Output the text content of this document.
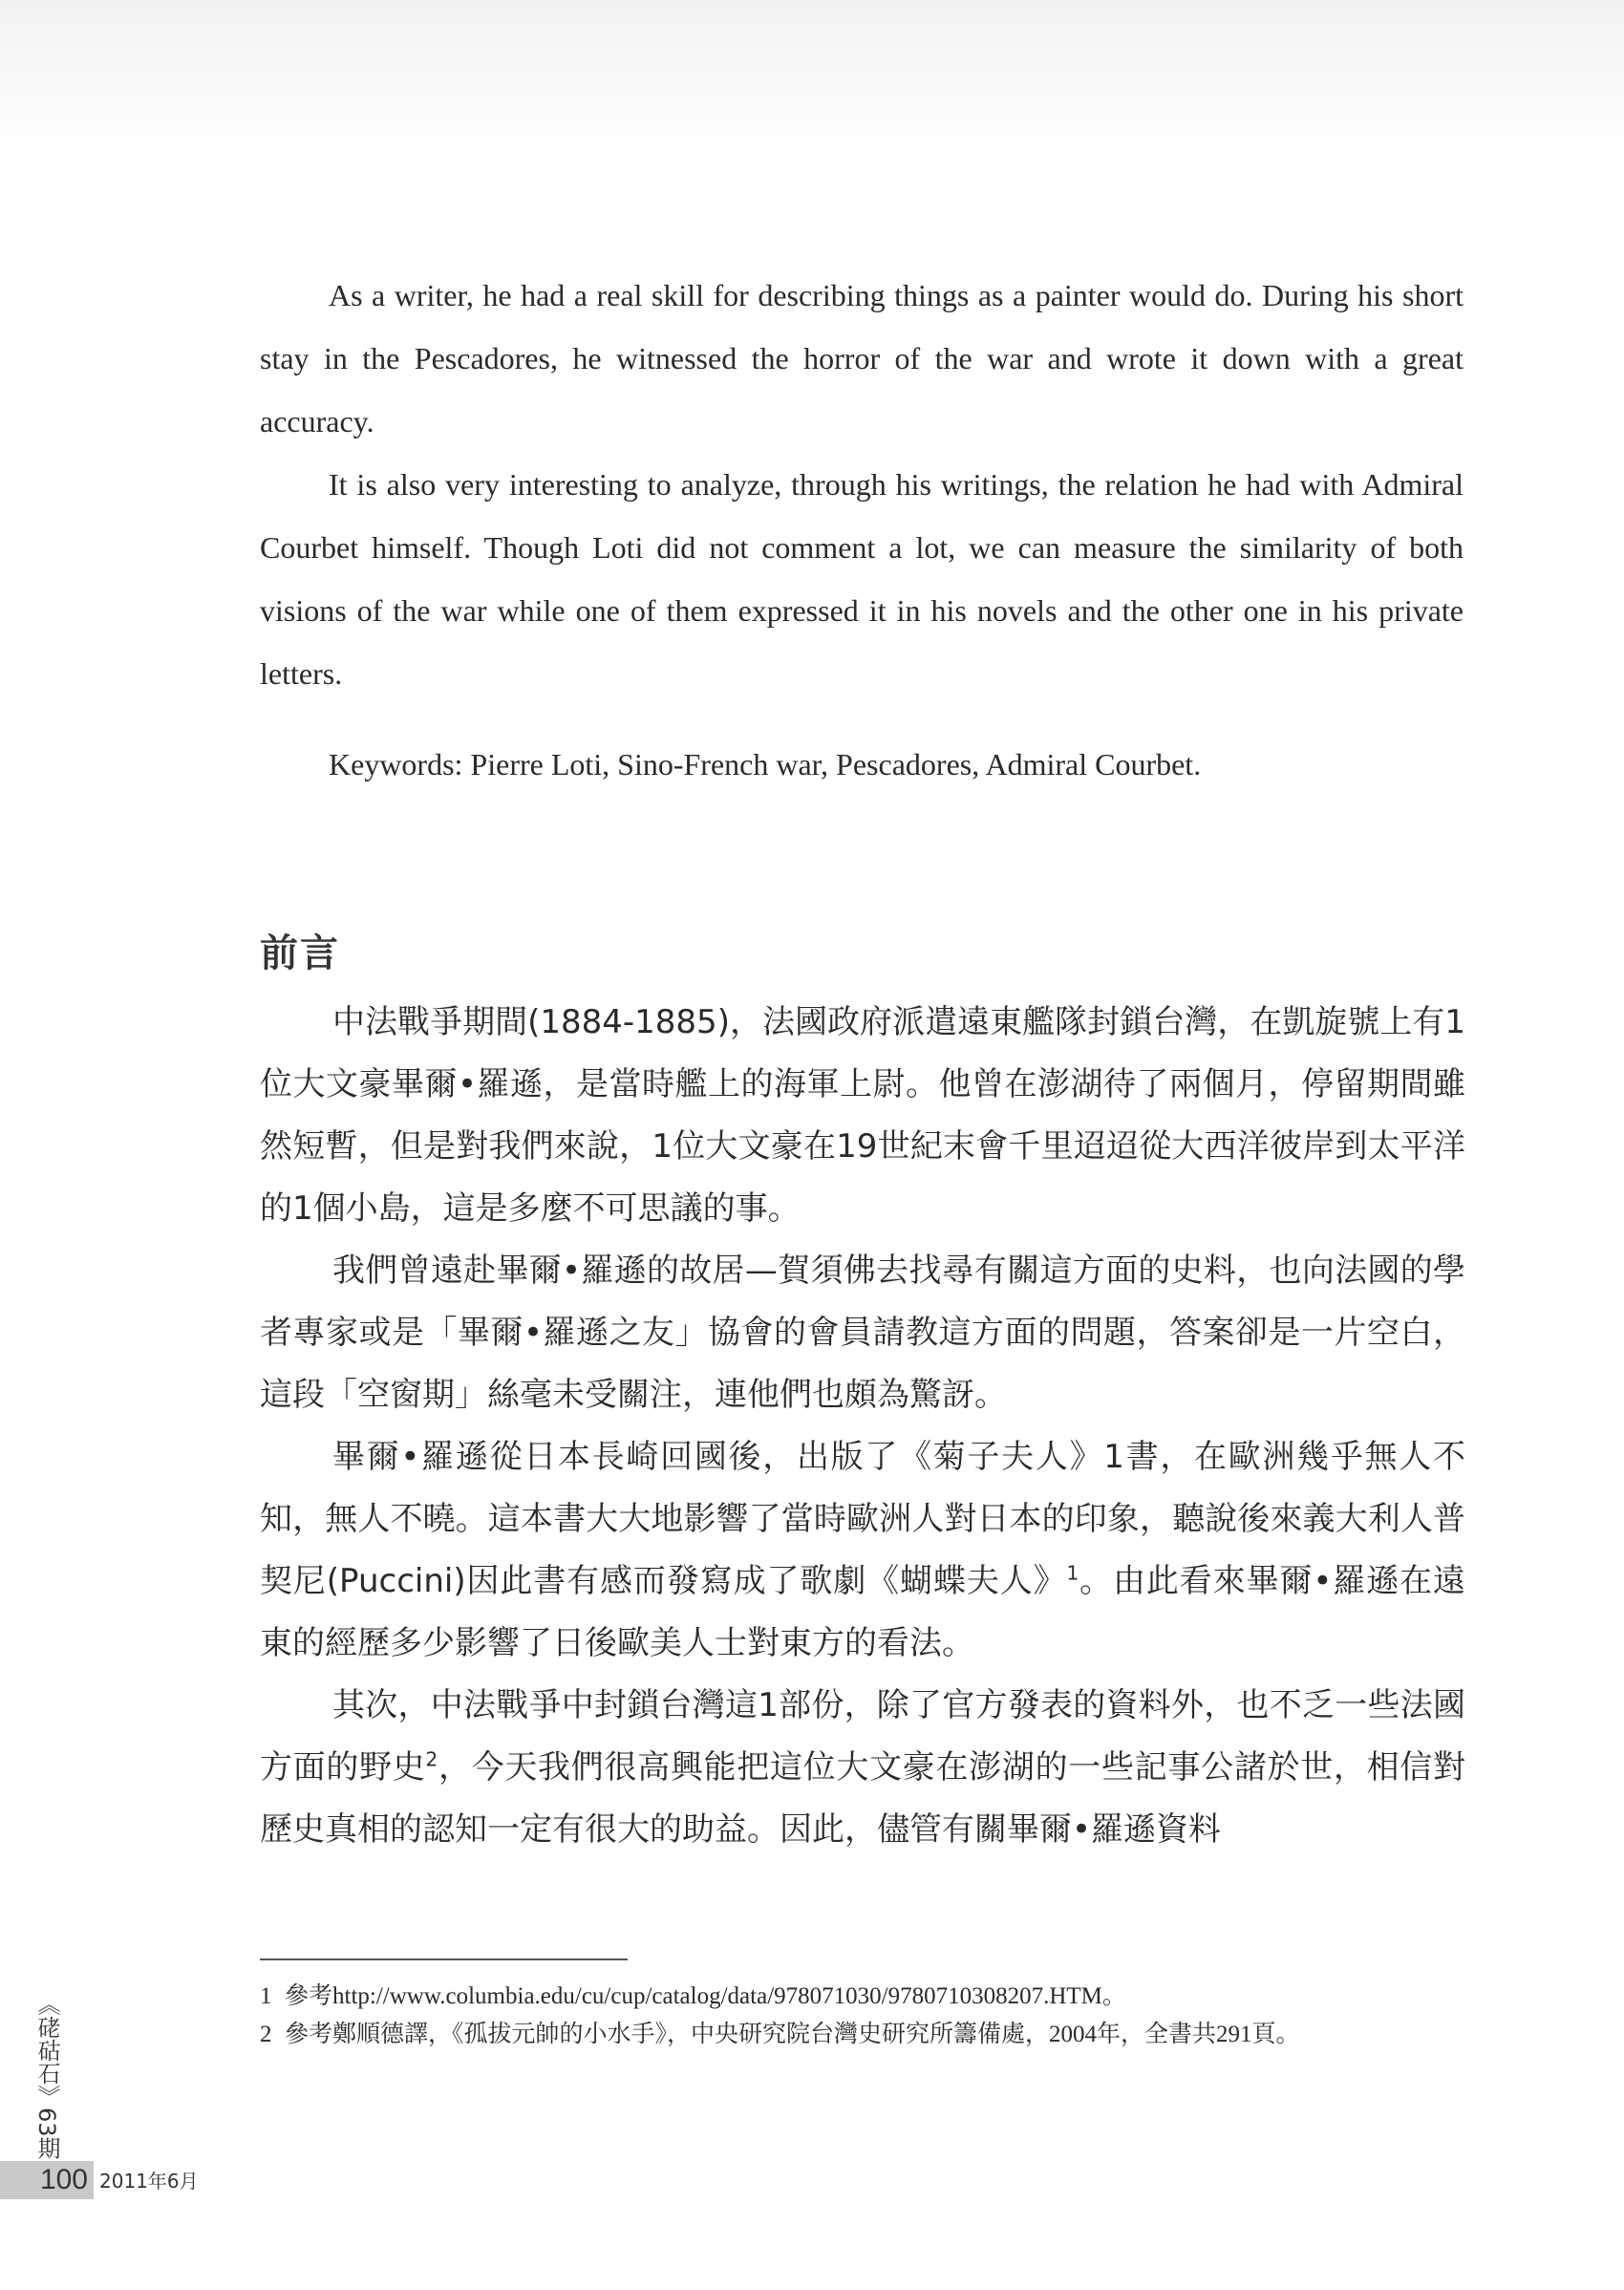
As a writer, he had a real skill for describing things as a painter would do. During his short stay in the Pescadores, he witnessed the horror of the war and wrote it down with a great accuracy.

It is also very interesting to analyze, through his writings, the relation he had with Admiral Courbet himself. Though Loti did not comment a lot, we can measure the similarity of both visions of the war while one of them expressed it in his novels and the other one in his private letters.

Keywords: Pierre Loti, Sino-French war, Pescadores, Admiral Courbet.
前言

中法戰爭期間(1884-1885)，法國政府派遣遠東艦隊封鎖台灣，在凱旋號上有1位大文豪畢爾•羅遜，是當時艦上的海軍上尉。他曾在澎湖待了兩個月，停留期間雖然短暫，但是對我們來說，1位大文豪在19世紀末會千里迢迢從大西洋彼岸到太平洋的1個小島，這是多麼不可思議的事。

我們曾遠赴畢爾•羅遜的故居—賀須佛去找尋有關這方面的史料，也向法國的學者專家或是「畢爾•羅遜之友」協會的會員請教這方面的問題，答案卻是一片空白，這段「空窗期」絲毫未受關注，連他們也頗為驚訝。

畢爾•羅遜從日本長崎回國後，出版了《菊子夫人》1書，在歐洲幾乎無人不知，無人不曉。這本書大大地影響了當時歐洲人對日本的印象，聽說後來義大利人普契尼(Puccini)因此書有感而發寫成了歌劇《蝴蝶夫人》$^1$。由此看來畢爾•羅遜在遠東的經歷多少影響了日後歐美人士對東方的看法。

其次，中法戰爭中封鎖台灣這1部份，除了官方發表的資料外，也不乏一些法國方面的野史$^2$，今天我們很高興能把這位大文豪在澎湖的一些記事公諸於世，相信對歷史真相的認知一定有很大的助益。因此，儘管有關畢爾•羅遜資料

1 參考http://www.columbia.edu/cu/cup/catalog/data/978071030/9780710308207.HTM。
2 參考鄭順德譯，《孤拔元帥的小水手》，中央研究院台灣史研究所籌備處，2004年，全書共291頁。
《硓𥑮石》63期
100 2011年6月
